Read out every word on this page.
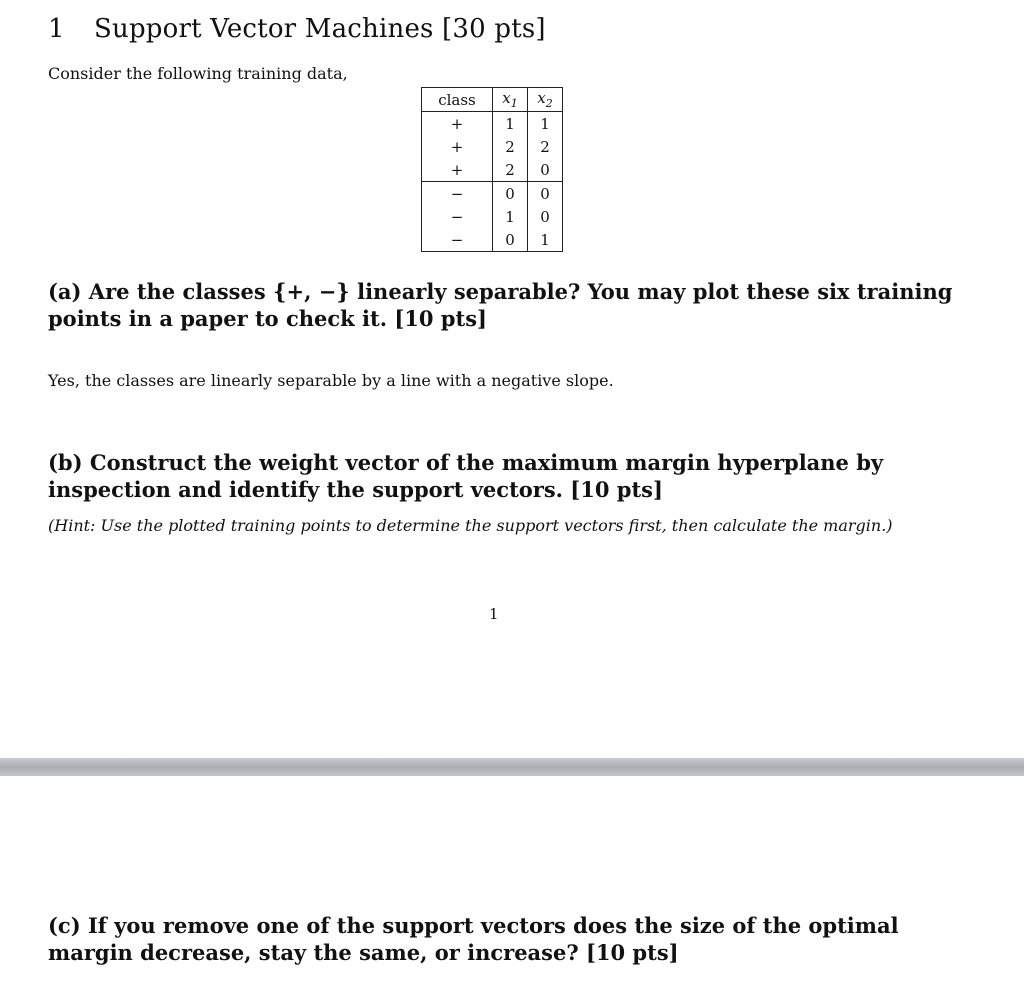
1 Support Vector Machines [30 pts]
Consider the following training data,
class	$x_1$	$x_2$
+	1	1
+	2	2
+	2	0
−	0	0
−	1	0
−	0	1
(a) Are the classes {+, −} linearly separable? You may plot these six training points in a paper to check it. [10 pts]
Yes, the classes are linearly separable by a line with a negative slope.
(b) Construct the weight vector of the maximum margin hyperplane by inspection and identify the support vectors. [10 pts]
(Hint: Use the plotted training points to determine the support vectors first, then calculate the margin.)
1
(c) If you remove one of the support vectors does the size of the optimal margin decrease, stay the same, or increase? [10 pts]
